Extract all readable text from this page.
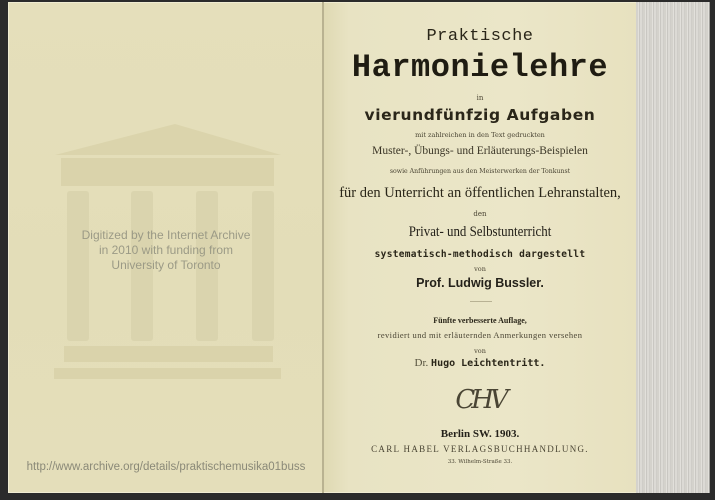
Digitized by the Internet Archive
in 2010 with funding from
University of Toronto
http://www.archive.org/details/praktischemusika01buss
Praktische
Harmonielehre
in
vierundfünfzig Aufgaben
mit zahlreichen in den Text gedruckten
Muster-, Übungs- und Erläuterungs-Beispielen
sowie Anführungen aus den Meisterwerken der Tonkunst
für den Unterricht an öffentlichen Lehranstalten,
den
Privat- und Selbstunterricht
systematisch-methodisch dargestellt
von
Prof. Ludwig Bussler.
Fünfte verbesserte Auflage,
revidiert und mit erläuternden Anmerkungen versehen
von
Dr. Hugo Leichtentritt.
CHV
Berlin SW. 1903.
CARL HABEL VERLAGSBUCHHANDLUNG.
33. Wilhelm-Straße 33.
